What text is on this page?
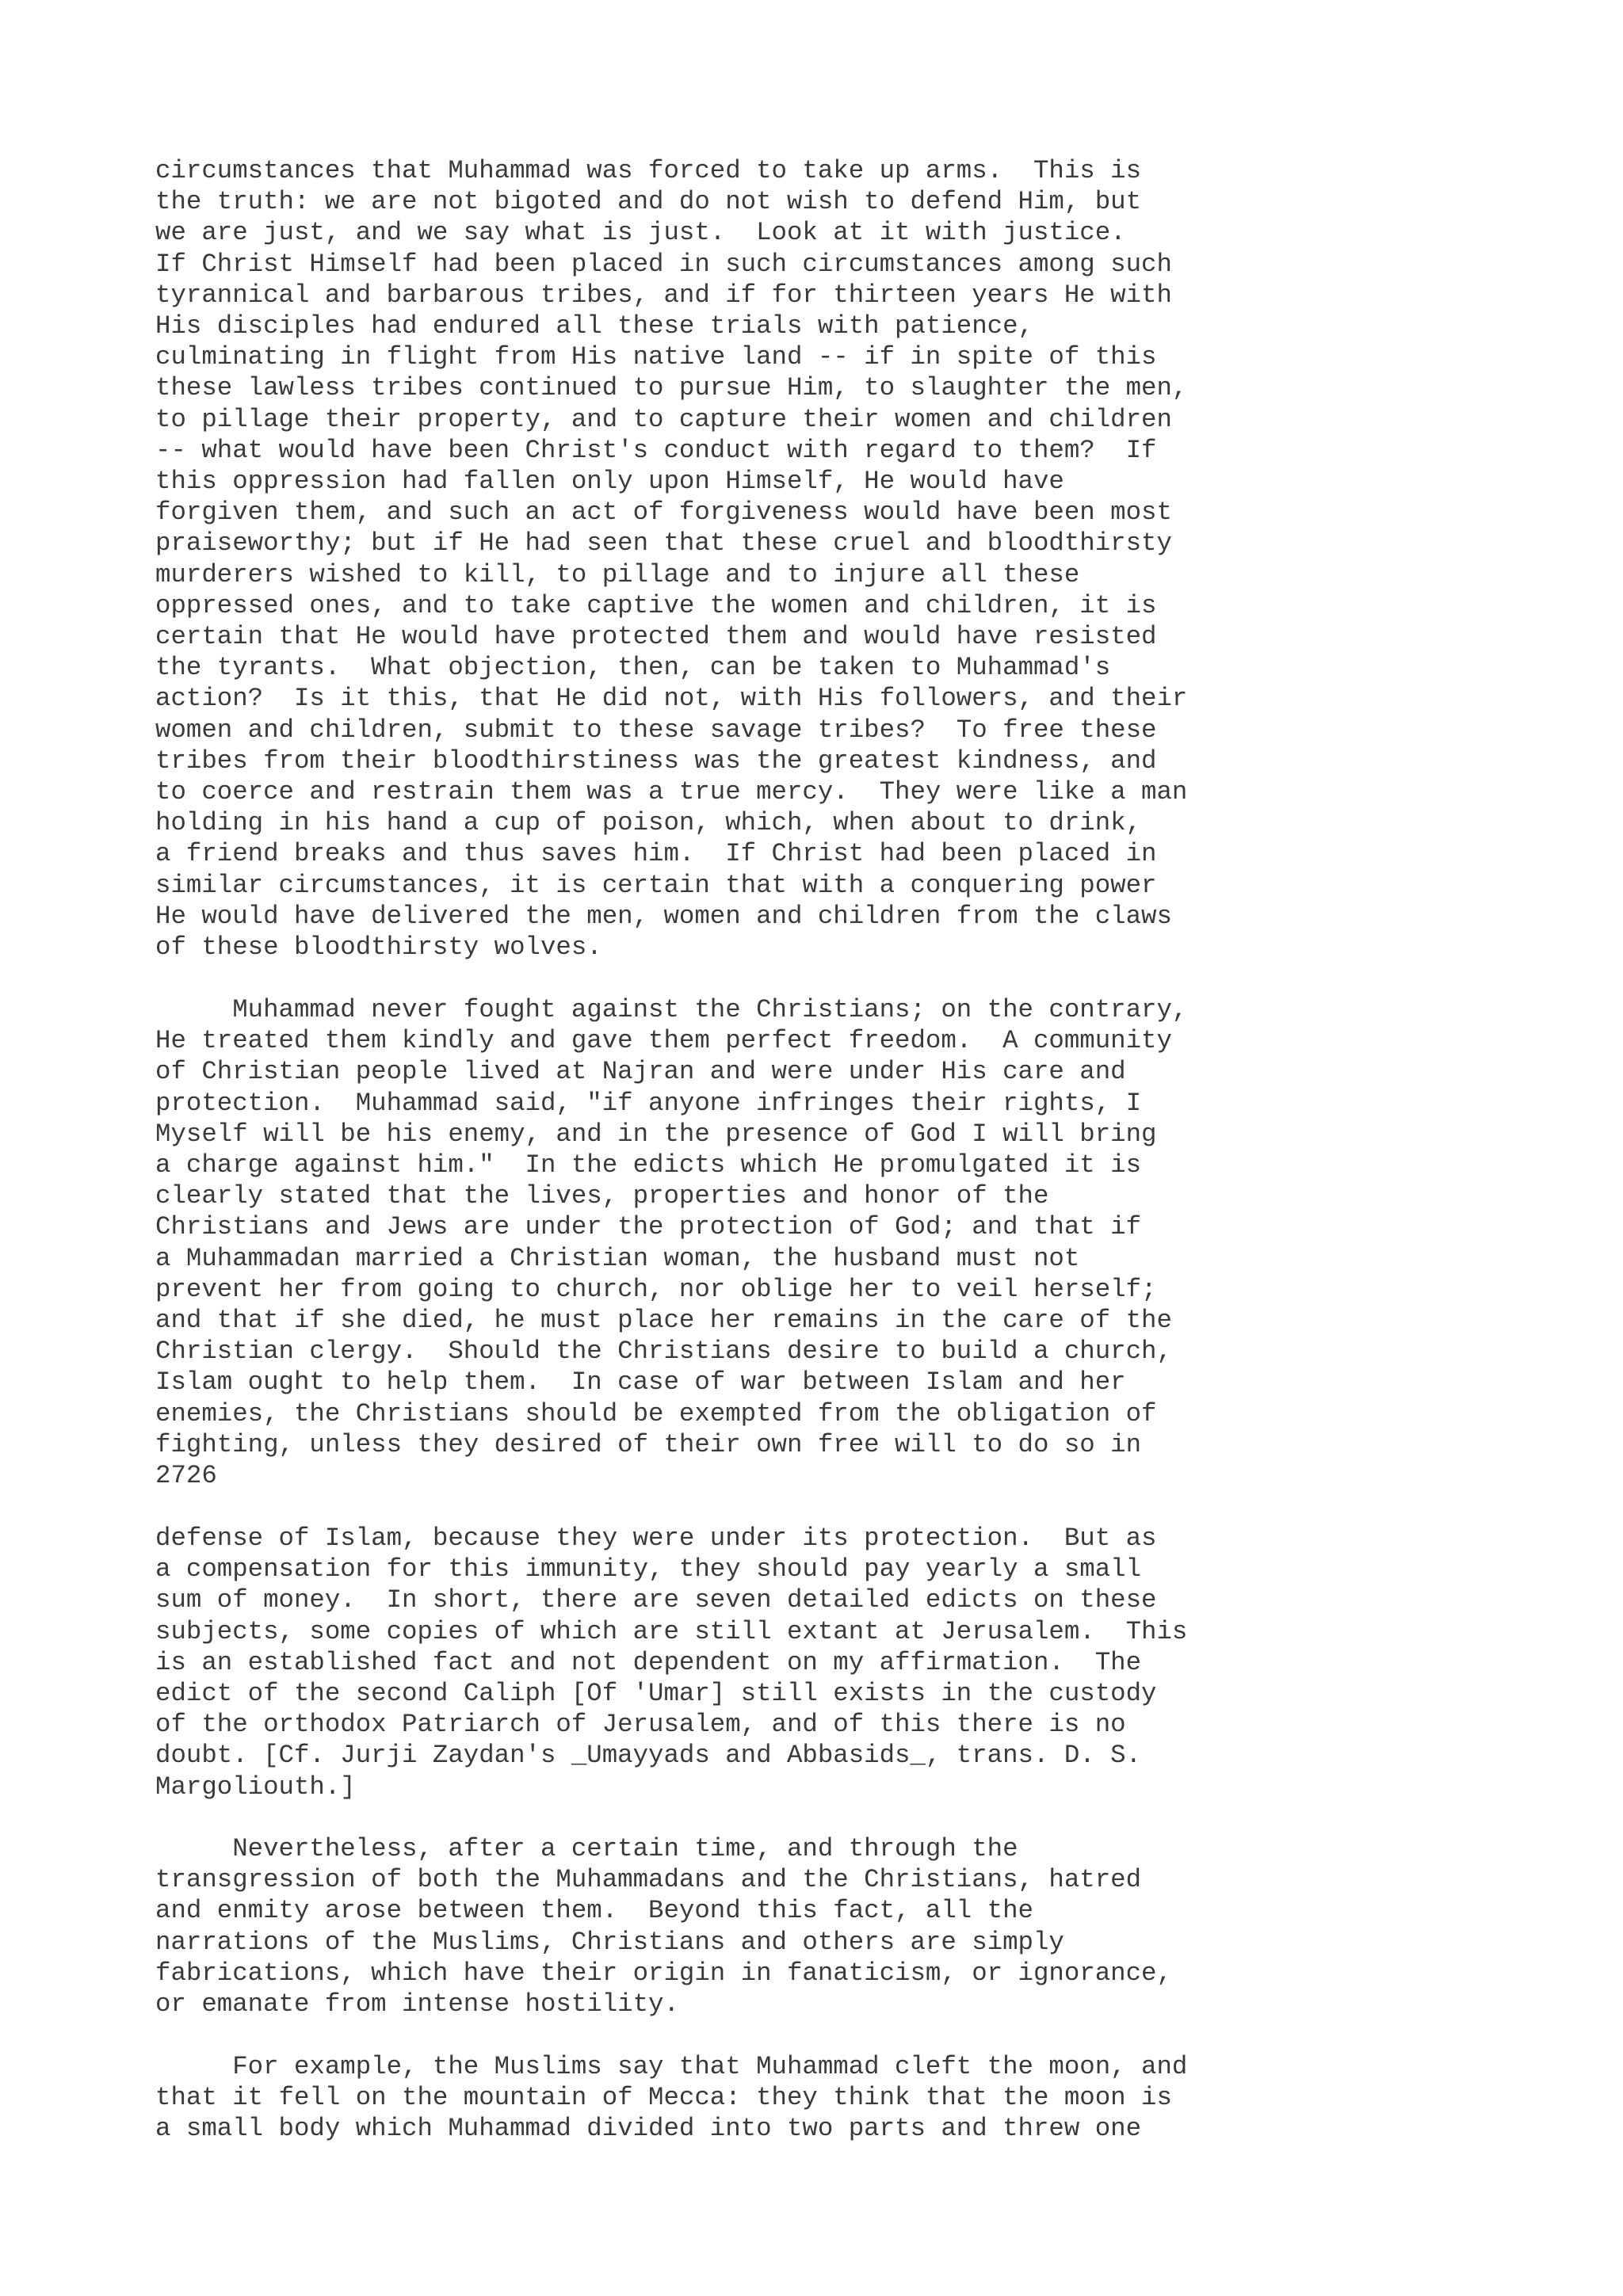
circumstances that Muhammad was forced to take up arms.  This is
the truth: we are not bigoted and do not wish to defend Him, but
we are just, and we say what is just.  Look at it with justice.
If Christ Himself had been placed in such circumstances among such
tyrannical and barbarous tribes, and if for thirteen years He with
His disciples had endured all these trials with patience,
culminating in flight from His native land -- if in spite of this
these lawless tribes continued to pursue Him, to slaughter the men,
to pillage their property, and to capture their women and children
-- what would have been Christ's conduct with regard to them?  If
this oppression had fallen only upon Himself, He would have
forgiven them, and such an act of forgiveness would have been most
praiseworthy; but if He had seen that these cruel and bloodthirsty
murderers wished to kill, to pillage and to injure all these
oppressed ones, and to take captive the women and children, it is
certain that He would have protected them and would have resisted
the tyrants.  What objection, then, can be taken to Muhammad's
action?  Is it this, that He did not, with His followers, and their
women and children, submit to these savage tribes?  To free these
tribes from their bloodthirstiness was the greatest kindness, and
to coerce and restrain them was a true mercy.  They were like a man
holding in his hand a cup of poison, which, when about to drink,
a friend breaks and thus saves him.  If Christ had been placed in
similar circumstances, it is certain that with a conquering power
He would have delivered the men, women and children from the claws
of these bloodthirsty wolves.

Muhammad never fought against the Christians; on the contrary,
He treated them kindly and gave them perfect freedom.  A community
of Christian people lived at Najran and were under His care and
protection.  Muhammad said, "if anyone infringes their rights, I
Myself will be his enemy, and in the presence of God I will bring
a charge against him."  In the edicts which He promulgated it is
clearly stated that the lives, properties and honor of the
Christians and Jews are under the protection of God; and that if
a Muhammadan married a Christian woman, the husband must not
prevent her from going to church, nor oblige her to veil herself;
and that if she died, he must place her remains in the care of the
Christian clergy.  Should the Christians desire to build a church,
Islam ought to help them.  In case of war between Islam and her
enemies, the Christians should be exempted from the obligation of
fighting, unless they desired of their own free will to do so in
2726

defense of Islam, because they were under its protection.  But as
a compensation for this immunity, they should pay yearly a small
sum of money.  In short, there are seven detailed edicts on these
subjects, some copies of which are still extant at Jerusalem.  This
is an established fact and not dependent on my affirmation.  The
edict of the second Caliph [Of 'Umar] still exists in the custody
of the orthodox Patriarch of Jerusalem, and of this there is no
doubt. [Cf. Jurji Zaydan's _Umayyads and Abbasids_, trans. D. S.
Margoliouth.]

Nevertheless, after a certain time, and through the
transgression of both the Muhammadans and the Christians, hatred
and enmity arose between them.  Beyond this fact, all the
narrations of the Muslims, Christians and others are simply
fabrications, which have their origin in fanaticism, or ignorance,
or emanate from intense hostility.

For example, the Muslims say that Muhammad cleft the moon, and
that it fell on the mountain of Mecca: they think that the moon is
a small body which Muhammad divided into two parts and threw one
